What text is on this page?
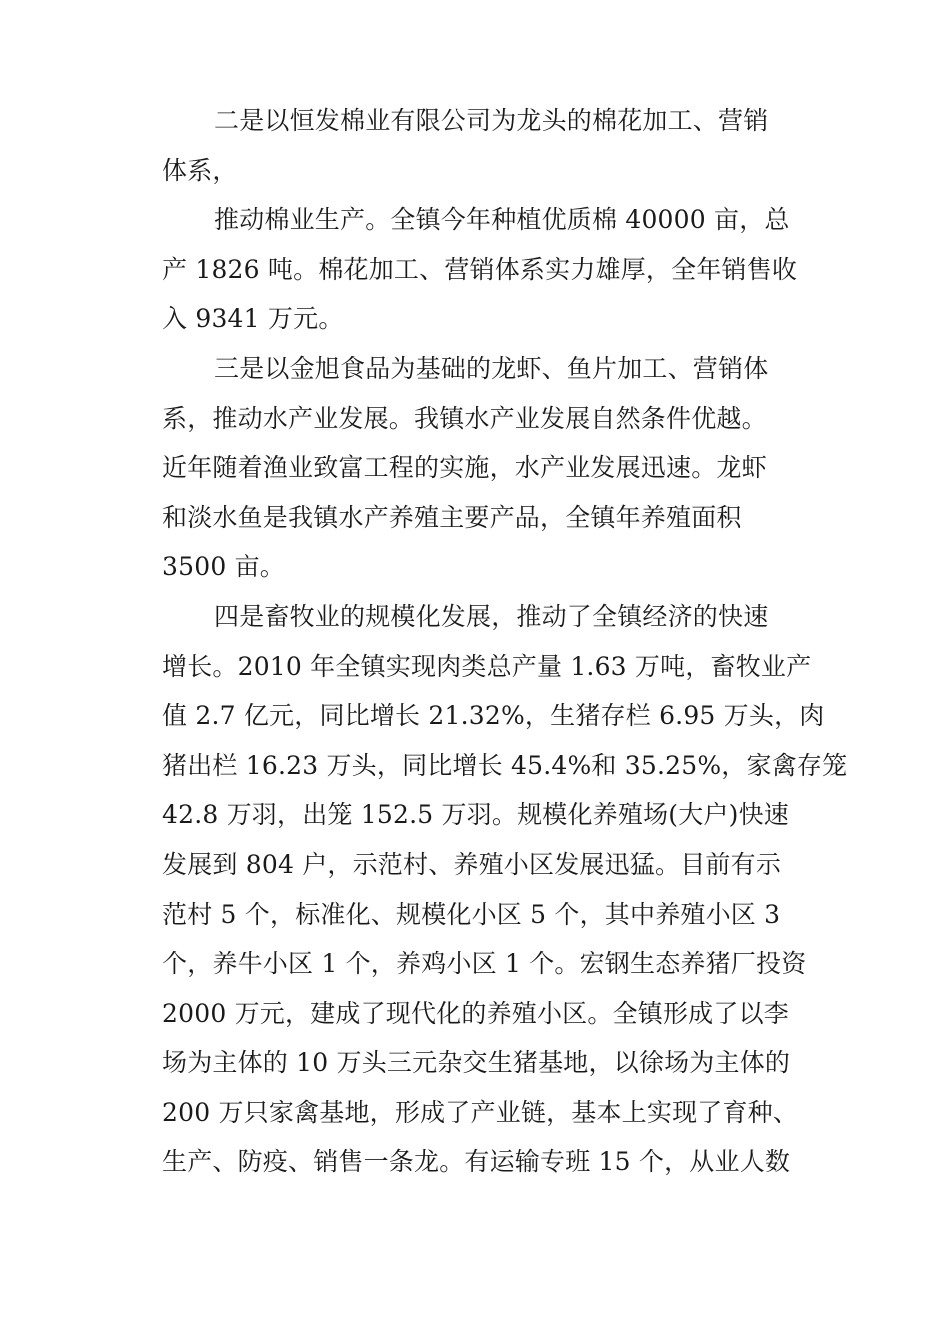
二是以恒发棉业有限公司为龙头的棉花加工、营销
体系，

推动棉业生产。全镇今年种植优质棉 40000 亩，总
产 1826 吨。棉花加工、营销体系实力雄厚，全年销售收
入 9341 万元。

三是以金旭食品为基础的龙虾、鱼片加工、营销体
系，推动水产业发展。我镇水产业发展自然条件优越。
近年随着渔业致富工程的实施，水产业发展迅速。龙虾
和淡水鱼是我镇水产养殖主要产品，全镇年养殖面积
3500 亩。

四是畜牧业的规模化发展，推动了全镇经济的快速
增长。2010 年全镇实现肉类总产量 1.63 万吨，畜牧业产
值 2.7 亿元，同比增长 21.32%，生猪存栏 6.95 万头，肉
猪出栏 16.23 万头，同比增长 45.4%和 35.25%，家禽存笼
42.8 万羽，出笼 152.5 万羽。规模化养殖场(大户)快速
发展到 804 户，示范村、养殖小区发展迅猛。目前有示
范村 5 个，标准化、规模化小区 5 个，其中养殖小区 3
个，养牛小区 1 个，养鸡小区 1 个。宏钢生态养猪厂投资
2000 万元，建成了现代化的养殖小区。全镇形成了以李
场为主体的 10 万头三元杂交生猪基地，以徐场为主体的
200 万只家禽基地，形成了产业链，基本上实现了育种、
生产、防疫、销售一条龙。有运输专班 15 个，从业人数
